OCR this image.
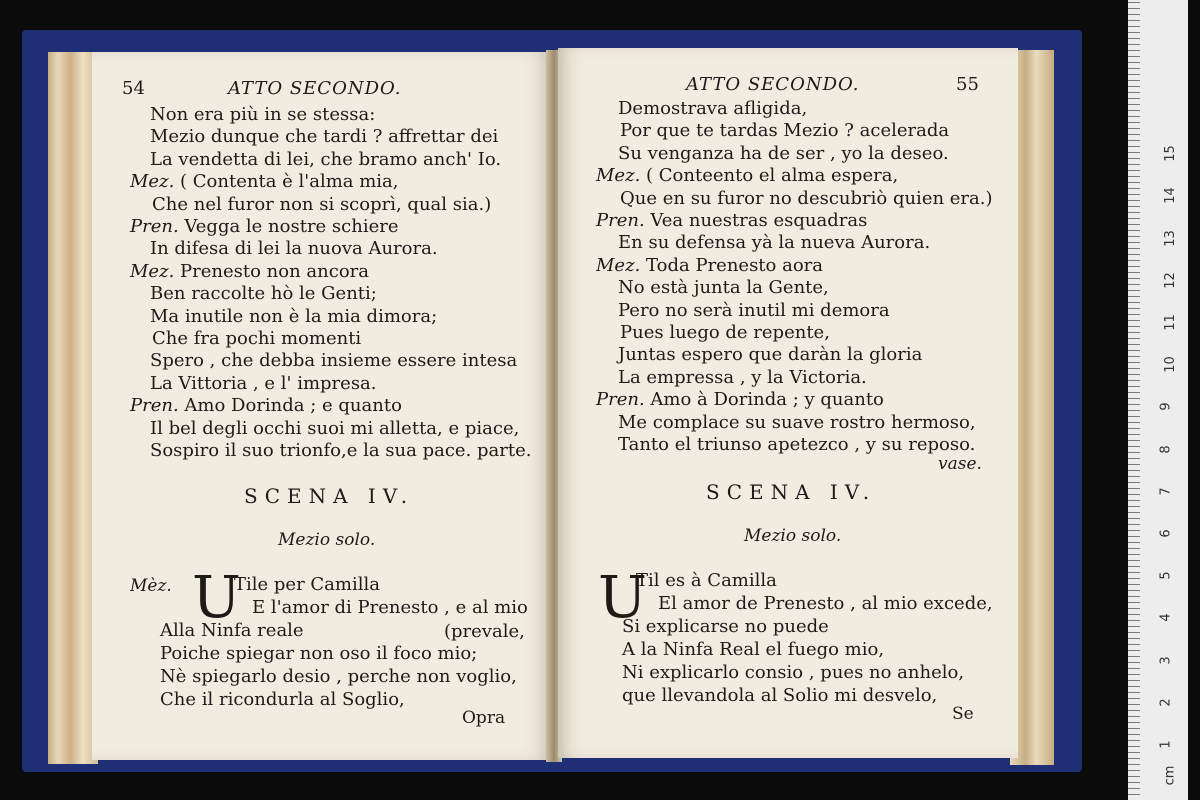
54	ATTO SECONDO.
Non era più in se stessa:
Mezio dunque che tardi ? affrettar dei
La vendetta di lei, che bramo anch' Io.
Mez. ( Contenta è l'alma mia,
Che nel furor non si scoprì, qual sia.)
Pren. Vegga le nostre schiere
In difesa di lei la nuova Aurora.
Mez. Prenesto non ancora
Ben raccolte hò le Genti;
Ma inutile non è la mia dimora;
Che fra pochi momenti
Spero , che debba insieme essere intesa
La Vittoria , e l' impresa.
Pren. Amo Dorinda ; e quanto
Il bel degli occhi suoi mi alletta, e piace,
Sospiro il suo trionfo,e la sua pace. parte.
SCENA IV.
Mezio solo.
Mèz. U
Tile per Camilla
E l'amor di Prenesto , e al mio
Alla Ninfa reale
Poiche spiegar non oso il foco mio;
Nè spiegarlo desio , perche non voglio,
Che il ricondurla al Soglio,
(prevale,
Opra
ATTO SECONDO.	55
Demostrava afligida,
Por que te tardas Mezio ? acelerada
Su venganza ha de ser , yo la deseo.
Mez. ( Conteento el alma espera,
Que en su furor no descubriò quien era.)
Pren. Vea nuestras esquadras
En su defensa yà la nueva Aurora.
Mez. Toda Prenesto aora
No està junta la Gente,
Pero no serà inutil mi demora
Pues luego de repente,
Juntas espero que daràn la gloria
La empressa , y la Victoria.
Pren. Amo à Dorinda ; y quanto
Me complace su suave rostro hermoso,
Tanto el triunso apetezco , y su reposo.
vase.
SCENA IV.
Mezio solo.
U
Til es à Camilla
El amor de Prenesto , al mio excede,
Si explicarse no puede
A la Ninfa Real el fuego mio,
Ni explicarlo consio , pues no anhelo,
que llevandola al Solio mi desvelo,
Se
cm
1
2
3
4
5
6
7
8
9
10
11
12
13
14
15
